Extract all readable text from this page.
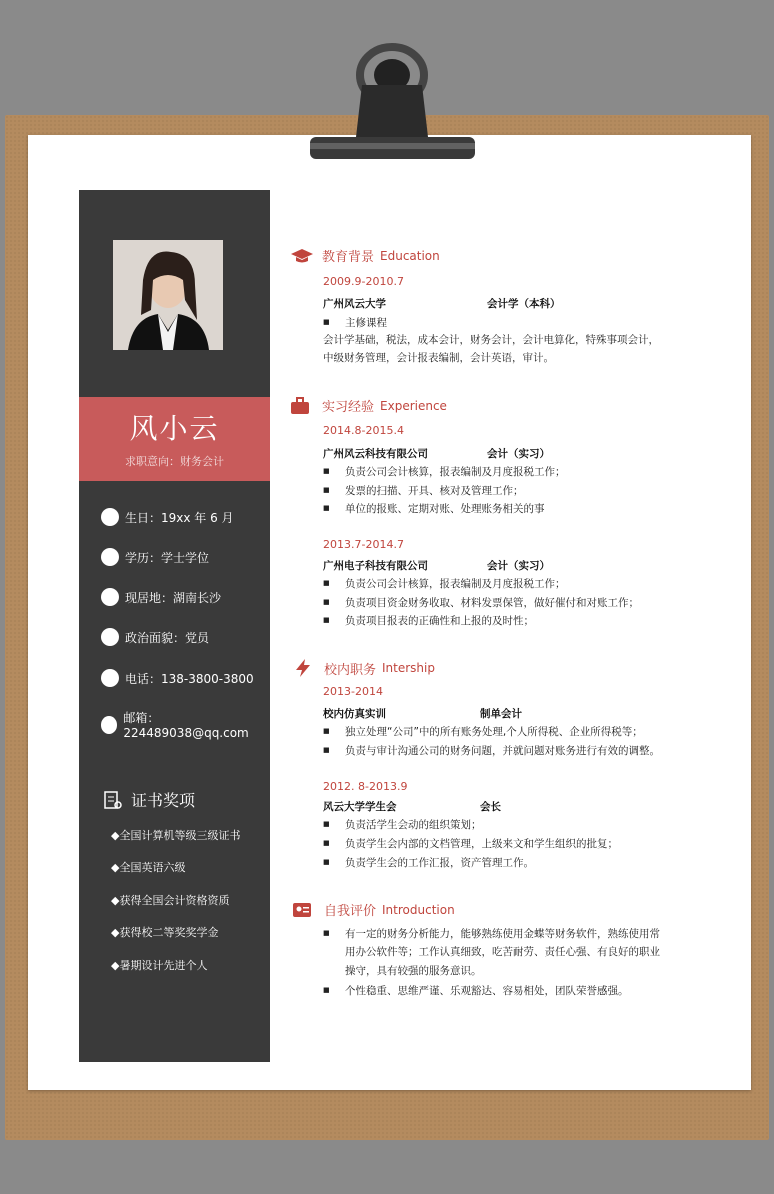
风小云
求职意向：财务会计
生日：19xx 年 6 月
学历：学士学位
现居地：湖南长沙
政治面貌：党员
电话：138-3800-3800
邮箱：224489038@qq.com
证书奖项
◆全国计算机等级三级证书
◆全国英语六级
◆获得全国会计资格资质
◆获得校二等奖奖学金
◆暑期设计先进个人
教育背景 Education
2009.9-2010.7
广州风云大学	会计学（本科）
■ 主修课程
会计学基础，税法，成本会计，财务会计，会计电算化，特殊事项会计，
中级财务管理，会计报表编制，会计英语，审计。
实习经验 Experience
2014.8-2015.4
广州风云科技有限公司	会计（实习）
■ 负责公司会计核算，报表编制及月度报税工作；
■ 发票的扫描、开具、核对及管理工作；
■ 单位的报账、定期对账、处理账务相关的事
2013.7-2014.7
广州电子科技有限公司	会计（实习）
■ 负责公司会计核算，报表编制及月度报税工作；
■ 负责项目资金财务收取、材料发票保管，做好催付和对账工作；
■ 负责项目报表的正确性和上报的及时性；
校内职务 Intership
2013-2014
校内仿真实训	制单会计
■ 独立处理“公司”中的所有账务处理,个人所得税、企业所得税等；
■ 负责与审计沟通公司的财务问题，并就问题对账务进行有效的调整。
2012. 8-2013.9
风云大学学生会	会长
■ 负责活学生会动的组织策划；
■ 负责学生会内部的文档管理，上级来文和学生组织的批复；
■ 负责学生会的工作汇报，资产管理工作。
自我评价 Introduction
■ 有一定的财务分析能力，能够熟练使用金蝶等财务软件，熟练使用常
用办公软件等；工作认真细致，吃苦耐劳、责任心强、有良好的职业
操守，具有较强的服务意识。
■ 个性稳重、思维严谨、乐观豁达、容易相处，团队荣誉感强。
